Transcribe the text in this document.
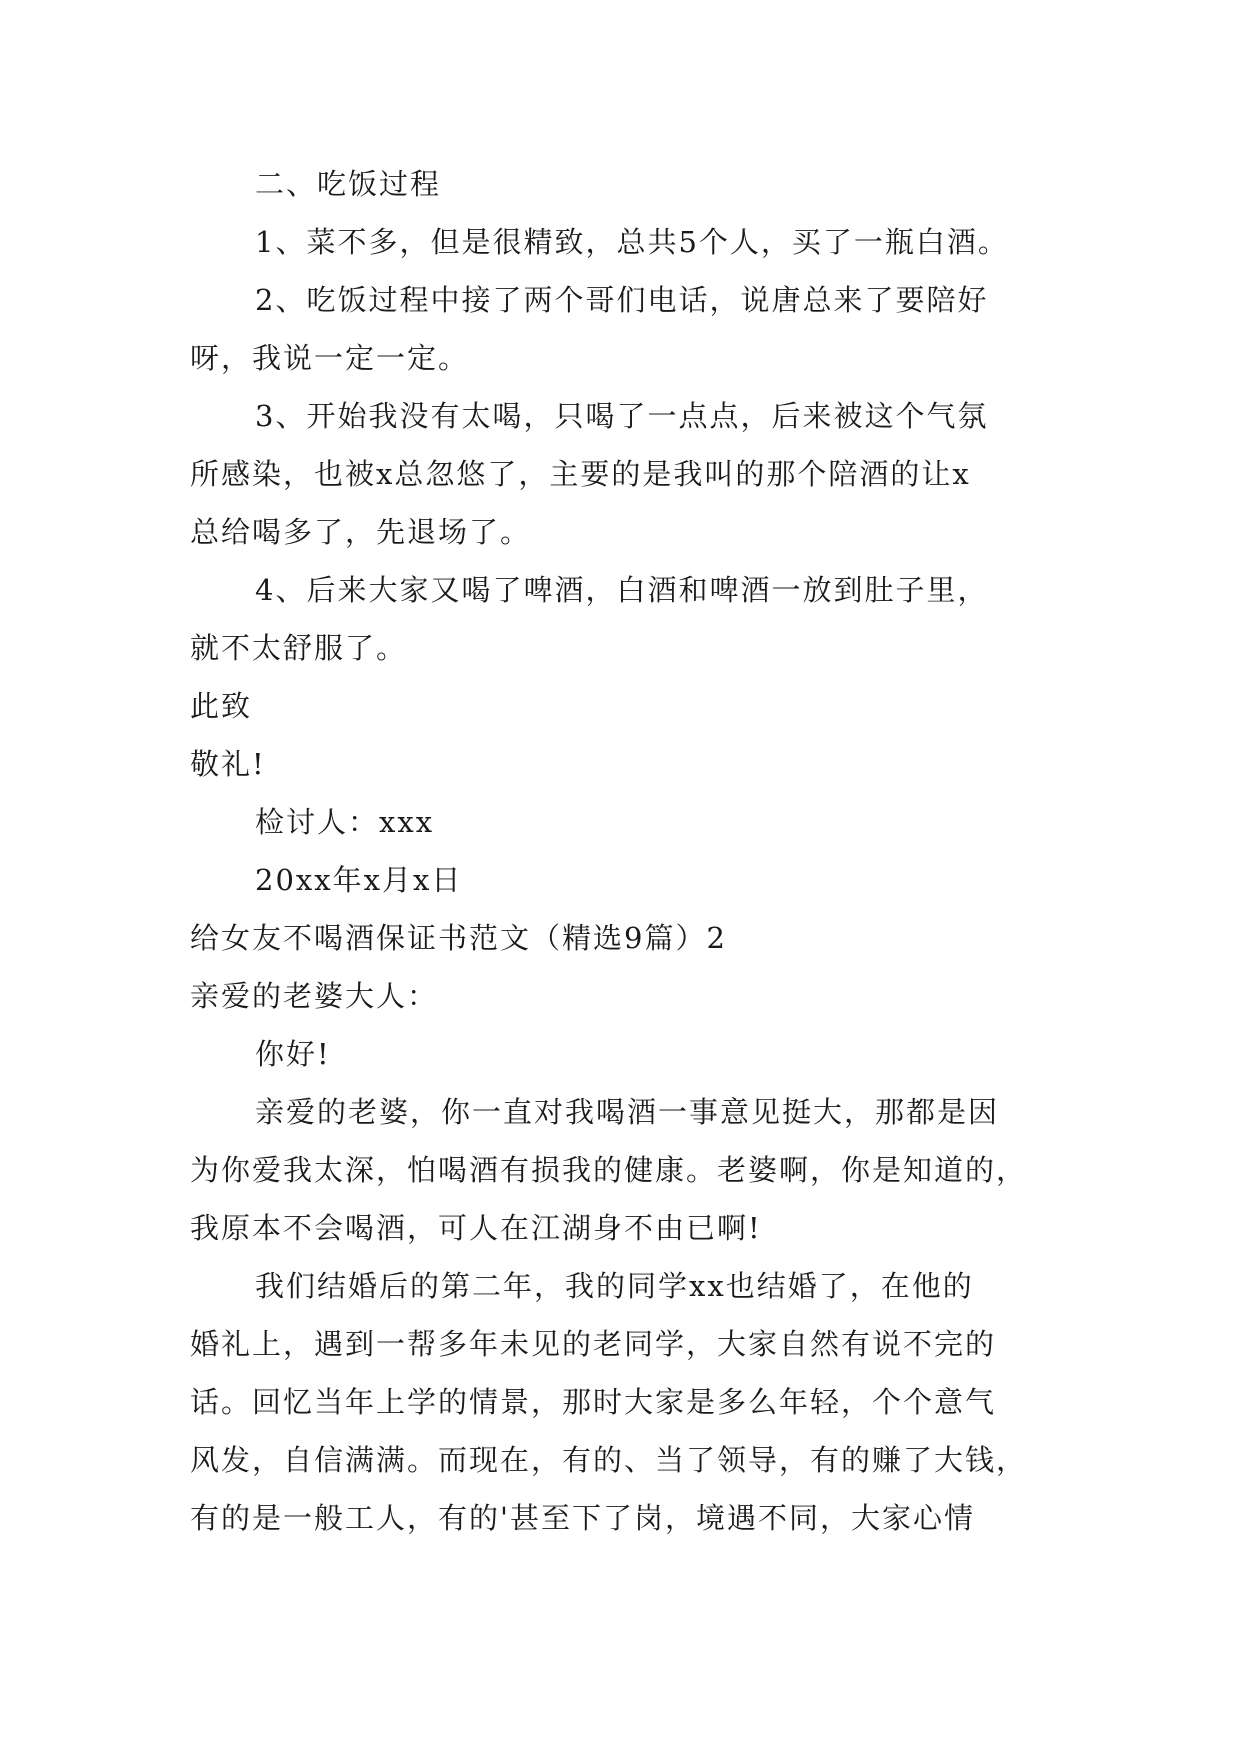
二、吃饭过程

1、菜不多，但是很精致，总共5个人，买了一瓶白酒。

2、吃饭过程中接了两个哥们电话，说唐总来了要陪好

呀，我说一定一定。

3、开始我没有太喝，只喝了一点点，后来被这个气氛

所感染，也被x总忽悠了，主要的是我叫的那个陪酒的让x

总给喝多了，先退场了。

4、后来大家又喝了啤酒，白酒和啤酒一放到肚子里，

就不太舒服了。

此致

敬礼!

检讨人：xxx

20xx年x月x日

给女友不喝酒保证书范文（精选9篇）2

亲爱的老婆大人：

你好!

亲爱的老婆，你一直对我喝酒一事意见挺大，那都是因

为你爱我太深，怕喝酒有损我的健康。老婆啊，你是知道的，

我原本不会喝酒，可人在江湖身不由已啊!

我们结婚后的第二年，我的同学xx也结婚了，在他的

婚礼上，遇到一帮多年未见的老同学，大家自然有说不完的

话。回忆当年上学的情景，那时大家是多么年轻，个个意气

风发，自信满满。而现在，有的、当了领导，有的赚了大钱，

有的是一般工人，有的'甚至下了岗，境遇不同，大家心情
